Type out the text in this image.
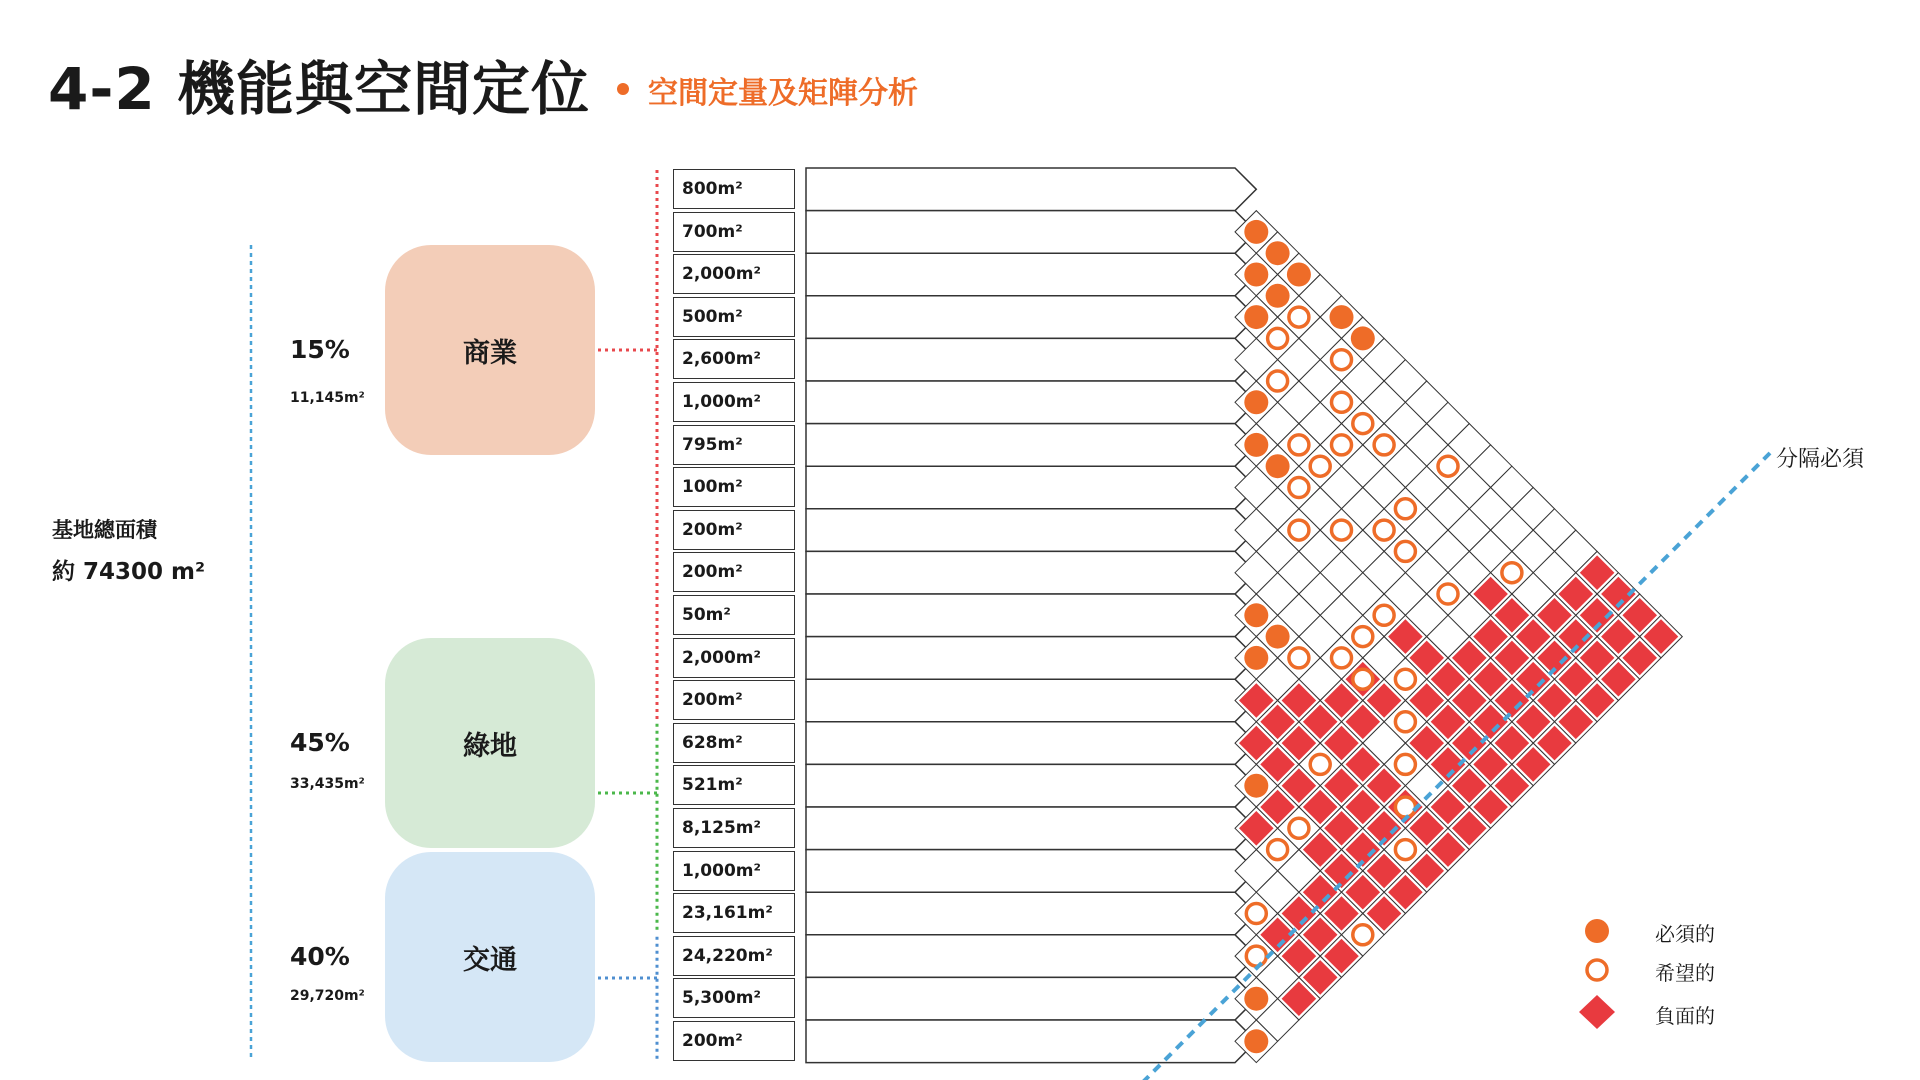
4-2 機能與空間定位 空間定量及矩陣分析
基地總面積
約 74300 m²
15%
11,145m²
45%
33,435m²
40%
29,720m²
商業
綠地
交通
800m²
700m²
2,000m²
500m²
2,600m²
1,000m²
795m²
100m²
200m²
200m²
50m²
2,000m²
200m²
628m²
521m²
8,125m²
1,000m²
23,161m²
24,220m²
5,300m²
200m²
必須的
希望的
負面的
分隔必須
